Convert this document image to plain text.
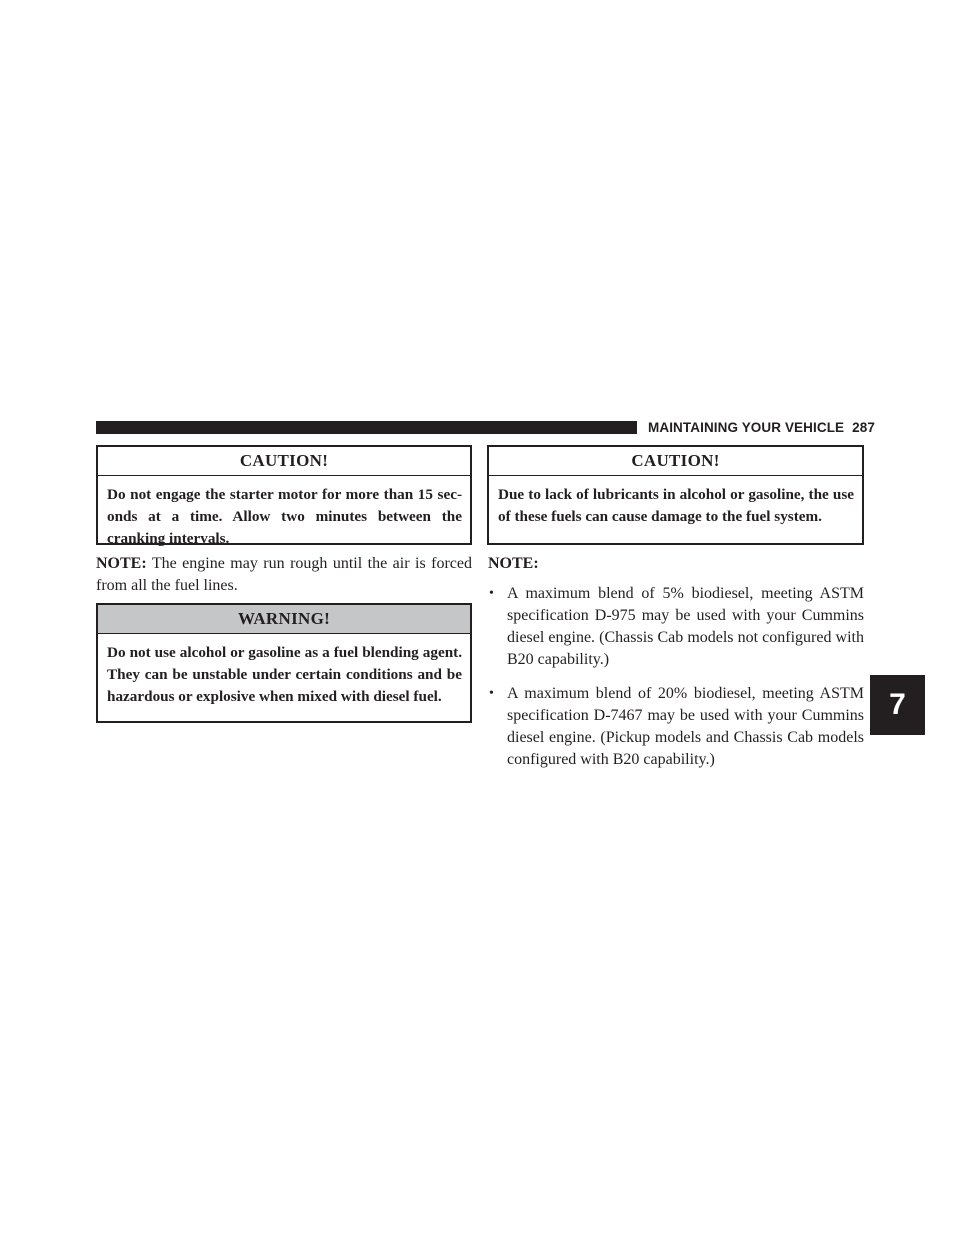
MAINTAINING YOUR VEHICLE 287
CAUTION!
Do not engage the starter motor for more than 15 sec-onds at a time. Allow two minutes between the cranking intervals.
NOTE: The engine may run rough until the air is forced from all the fuel lines.
WARNING!
Do not use alcohol or gasoline as a fuel blending agent. They can be unstable under certain conditions and be hazardous or explosive when mixed with diesel fuel.
CAUTION!
Due to lack of lubricants in alcohol or gasoline, the use of these fuels can cause damage to the fuel system.
NOTE:
• A maximum blend of 5% biodiesel, meeting ASTM specification D-975 may be used with your Cummins diesel engine. (Chassis Cab models not configured with B20 capability.)
• A maximum blend of 20% biodiesel, meeting ASTM specification D-7467 may be used with your Cummins diesel engine. (Pickup models and Chassis Cab models configured with B20 capability.)
7
